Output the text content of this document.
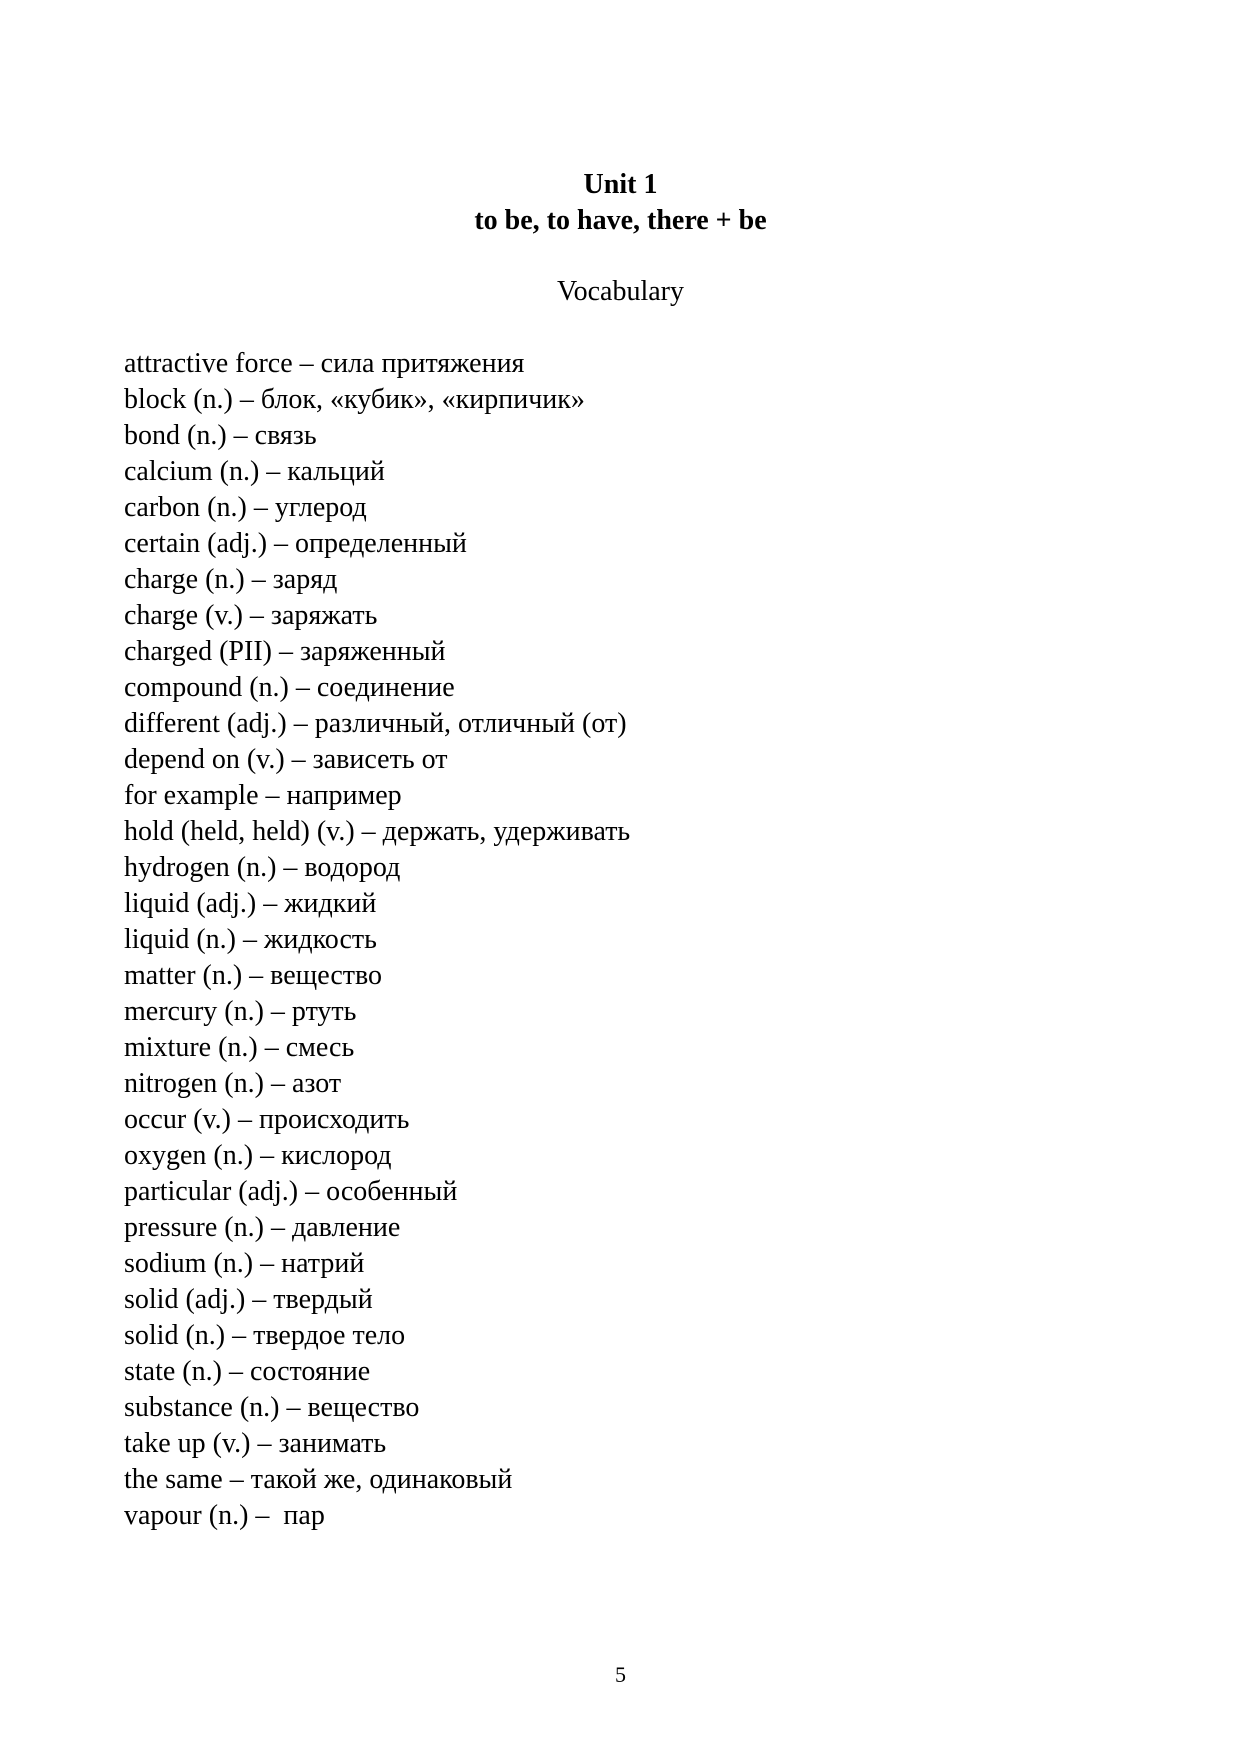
Unit 1
to be, to have, there + be
Vocabulary
attractive force – сила притяжения
block (n.) – блок, «кубик», «кирпичик»
bond (n.) – связь
calcium (n.) – кальций
carbon (n.) – углерод
certain (adj.) – определенный
charge (n.) – заряд
charge (v.) – заряжать
charged (PII) – заряженный
compound (n.) – соединение
different (adj.) – различный, отличный (от)
depend on (v.) – зависеть от
for example – например
hold (held, held) (v.) – держать, удерживать
hydrogen (n.) – водород
liquid (adj.) – жидкий
liquid (n.) – жидкость
matter (n.) – вещество
mercury (n.) – ртуть
mixture (n.) – смесь
nitrogen (n.) – азот
occur (v.) – происходить
oxygen (n.) – кислород
particular (adj.) – особенный
pressure (n.) – давление
sodium (n.) – натрий
solid (adj.) – твердый
solid (n.) – твердое тело
state (n.) – состояние
substance (n.) – вещество
take up (v.) – занимать
the same – такой же, одинаковый
vapour (n.) –  пар
5
